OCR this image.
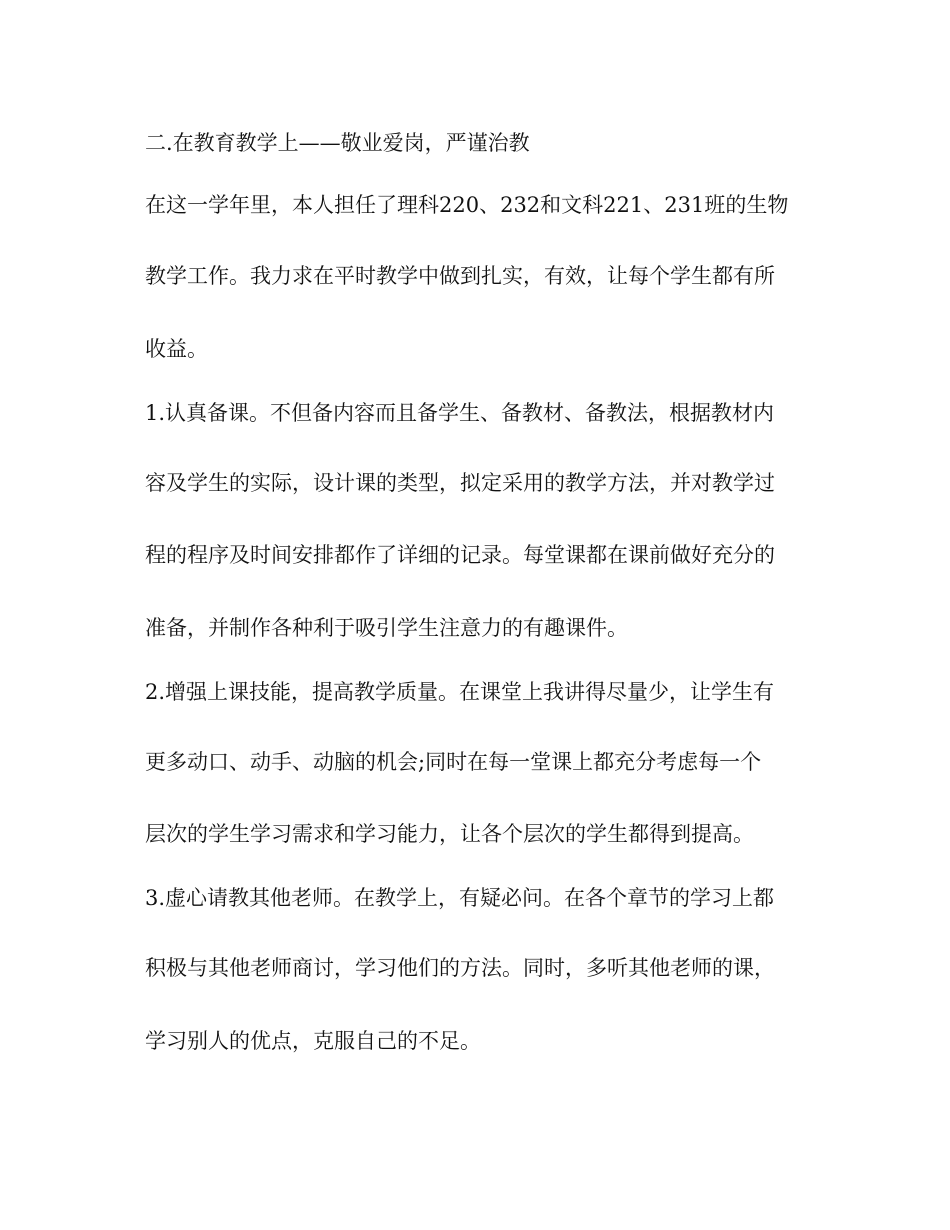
二.在教育教学上——敬业爱岗，严谨治教
在这一学年里，本人担任了理科220、232和文科221、231班的生物
教学工作。我力求在平时教学中做到扎实，有效，让每个学生都有所
收益。
1.认真备课。不但备内容而且备学生、备教材、备教法，根据教材内
容及学生的实际，设计课的类型，拟定采用的教学方法，并对教学过
程的程序及时间安排都作了详细的记录。每堂课都在课前做好充分的
准备，并制作各种利于吸引学生注意力的有趣课件。
2.增强上课技能，提高教学质量。在课堂上我讲得尽量少，让学生有
更多动口、动手、动脑的机会;同时在每一堂课上都充分考虑每一个
层次的学生学习需求和学习能力，让各个层次的学生都得到提高。
3.虚心请教其他老师。在教学上，有疑必问。在各个章节的学习上都
积极与其他老师商讨，学习他们的方法。同时，多听其他老师的课，
学习别人的优点，克服自己的不足。
